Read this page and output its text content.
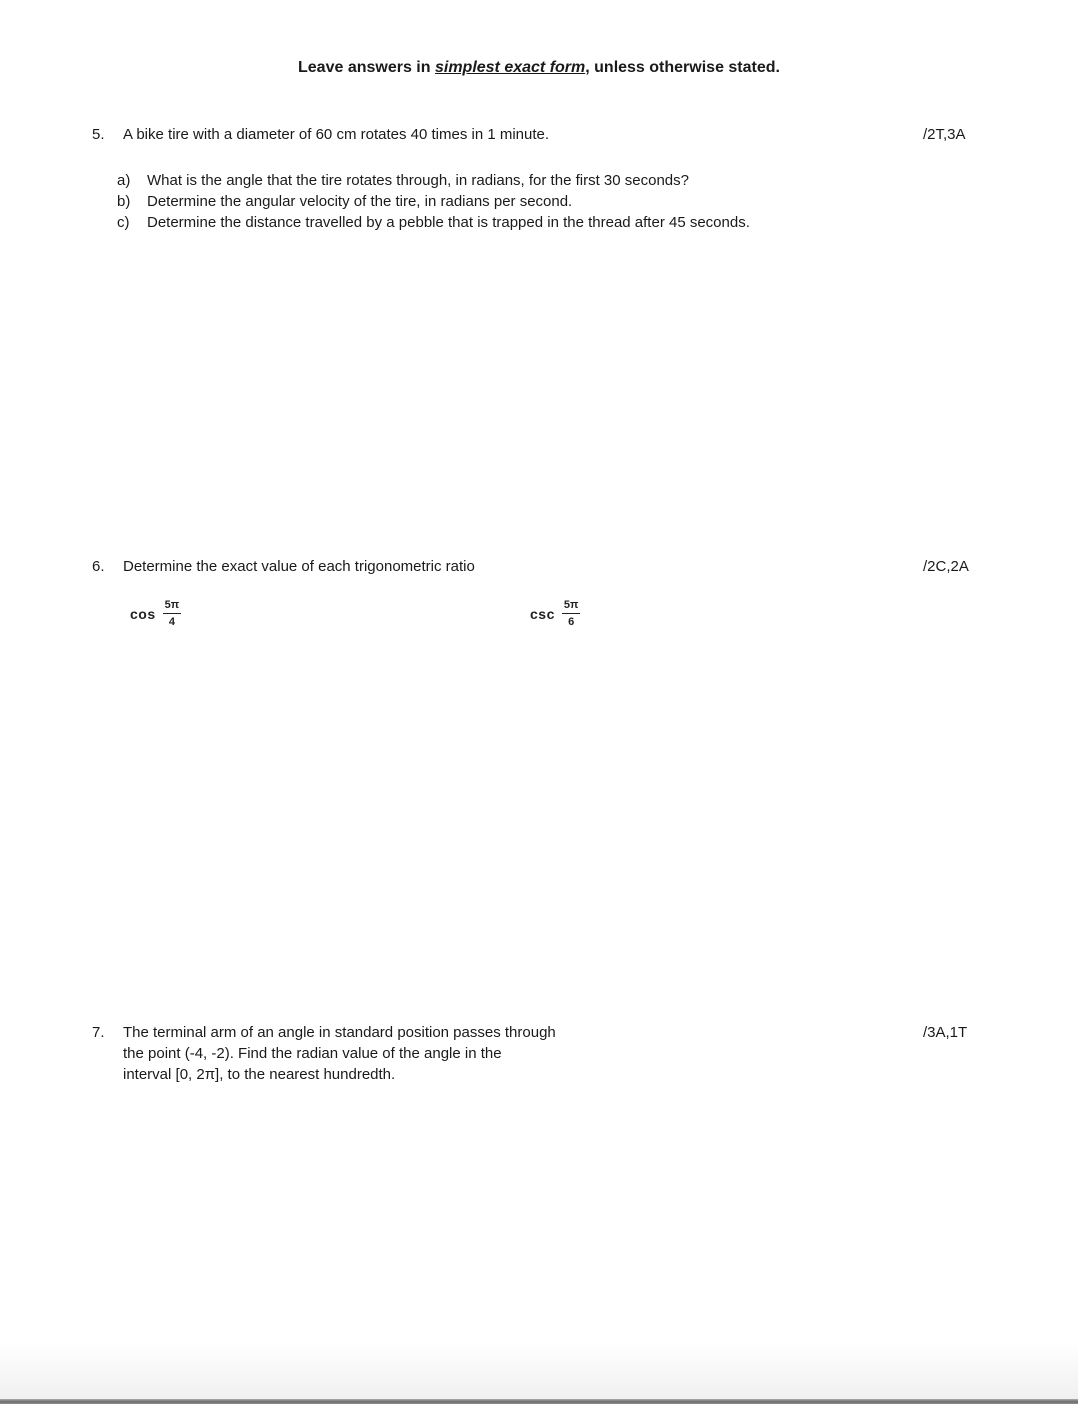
Leave answers in simplest exact form, unless otherwise stated.
5.	A bike tire with a diameter of 60 cm rotates 40 times in 1 minute.	/2T,3A
a)	What is the angle that the tire rotates through, in radians, for the first 30 seconds?
b)	Determine the angular velocity of the tire, in radians per second.
c)	Determine the distance travelled by a pebble that is trapped in the thread after 45 seconds.
6.	Determine the exact value of each trigonometric ratio	/2C,2A
$\cos \frac{5\pi}{4}$	$\csc \frac{5\pi}{6}$
7.	The terminal arm of an angle in standard position passes through
the point (-4, -2). Find the radian value of the angle in the
interval [0, 2π], to the nearest hundredth.
/3A,1T
